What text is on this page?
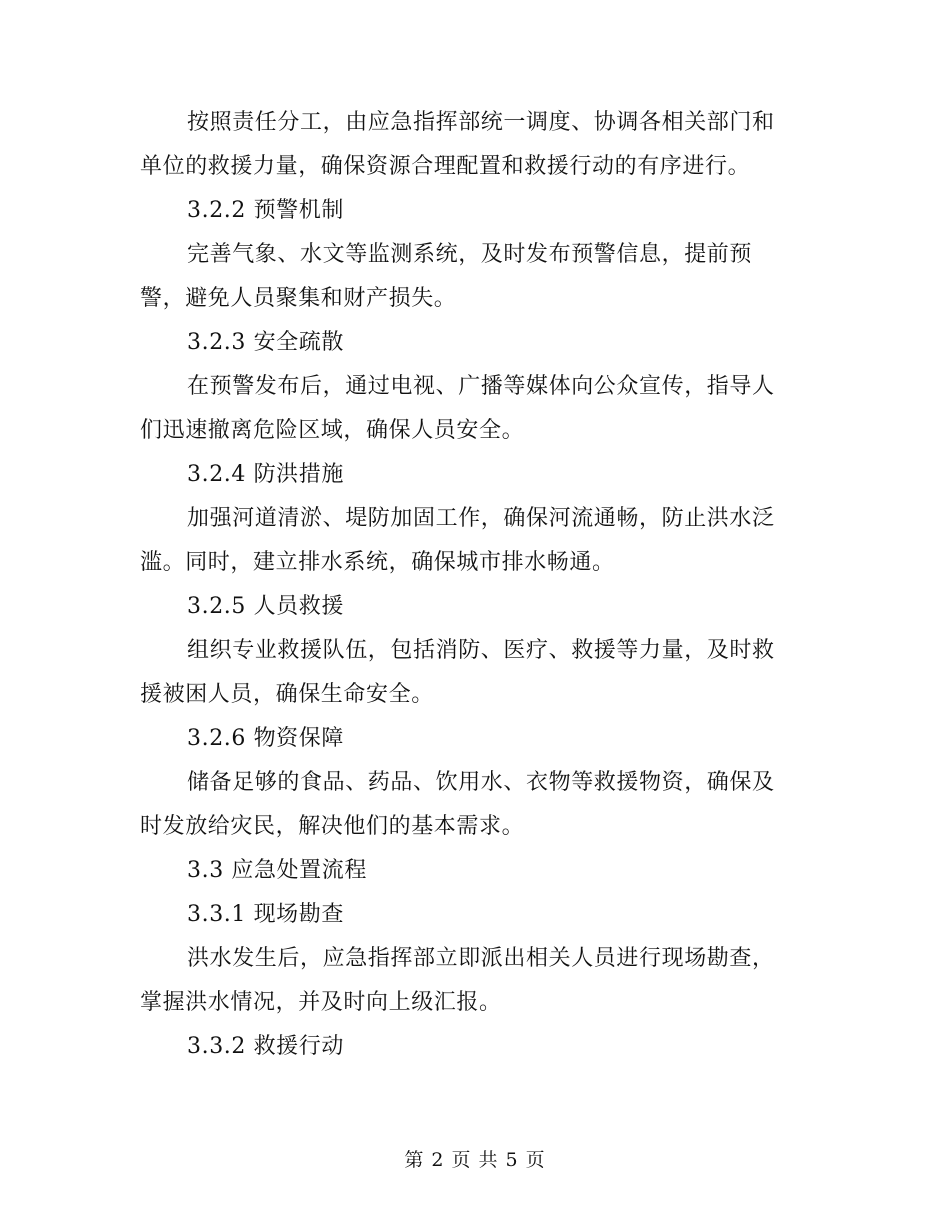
按照责任分工，由应急指挥部统一调度、协调各相关部门和
单位的救援力量，确保资源合理配置和救援行动的有序进行。
3.2.2 预警机制
完善气象、水文等监测系统，及时发布预警信息，提前预
警，避免人员聚集和财产损失。
3.2.3 安全疏散
在预警发布后，通过电视、广播等媒体向公众宣传，指导人
们迅速撤离危险区域，确保人员安全。
3.2.4 防洪措施
加强河道清淤、堤防加固工作，确保河流通畅，防止洪水泛
滥。同时，建立排水系统，确保城市排水畅通。
3.2.5 人员救援
组织专业救援队伍，包括消防、医疗、救援等力量，及时救
援被困人员，确保生命安全。
3.2.6 物资保障
储备足够的食品、药品、饮用水、衣物等救援物资，确保及
时发放给灾民，解决他们的基本需求。
3.3 应急处置流程
3.3.1 现场勘查
洪水发生后，应急指挥部立即派出相关人员进行现场勘查，
掌握洪水情况，并及时向上级汇报。
3.3.2 救援行动
第 2 页 共 5 页
